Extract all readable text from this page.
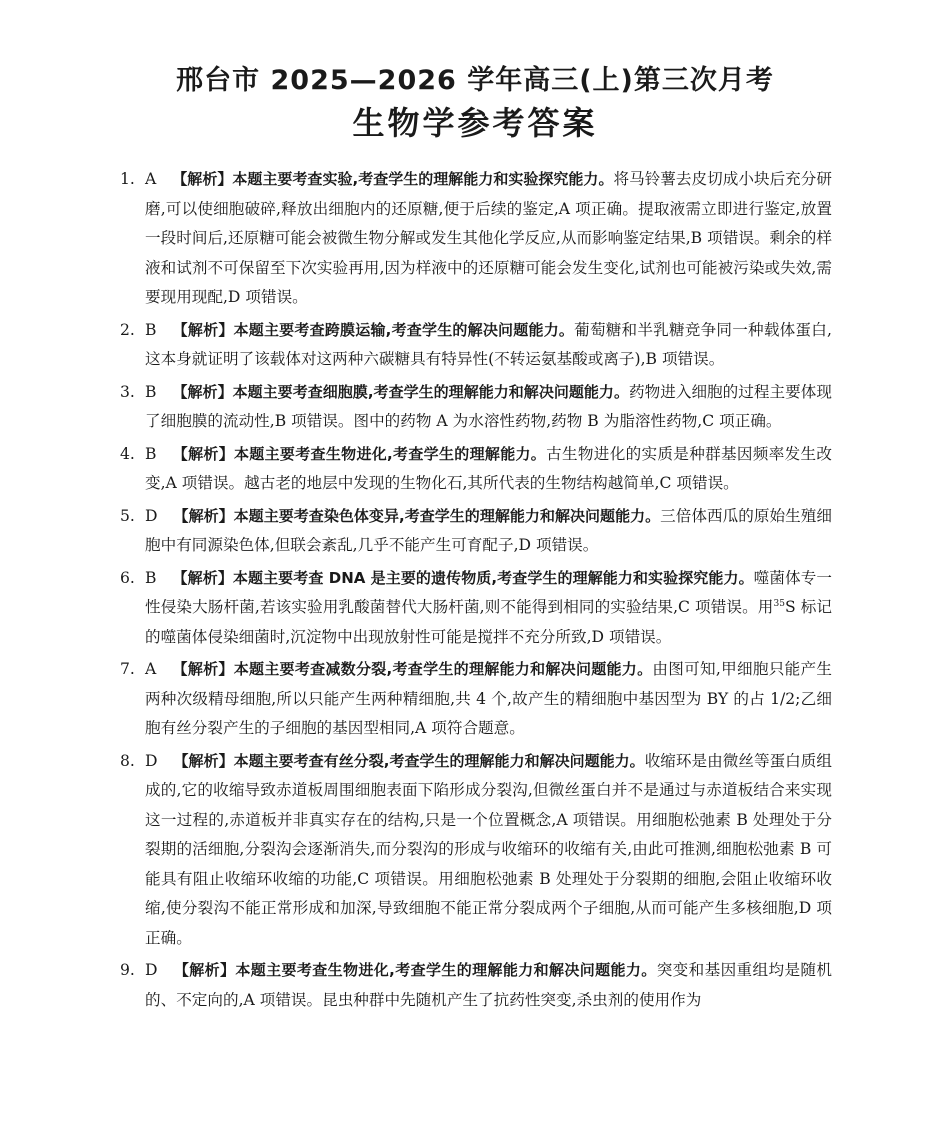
邢台市 2025—2026 学年高三(上)第三次月考
生物学参考答案
1. A 【解析】本题主要考查实验,考查学生的理解能力和实验探究能力。将马铃薯去皮切成小块后充分研磨,可以使细胞破碎,释放出细胞内的还原糖,便于后续的鉴定,A 项正确。提取液需立即进行鉴定,放置一段时间后,还原糖可能会被微生物分解或发生其他化学反应,从而影响鉴定结果,B 项错误。剩余的样液和试剂不可保留至下次实验再用,因为样液中的还原糖可能会发生变化,试剂也可能被污染或失效,需要现用现配,D 项错误。
2. B 【解析】本题主要考查跨膜运输,考查学生的解决问题能力。葡萄糖和半乳糖竞争同一种载体蛋白,这本身就证明了该载体对这两种六碳糖具有特异性(不转运氨基酸或离子),B 项错误。
3. B 【解析】本题主要考查细胞膜,考查学生的理解能力和解决问题能力。药物进入细胞的过程主要体现了细胞膜的流动性,B 项错误。图中的药物 A 为水溶性药物,药物 B 为脂溶性药物,C 项正确。
4. B 【解析】本题主要考查生物进化,考查学生的理解能力。古生物进化的实质是种群基因频率发生改变,A 项错误。越古老的地层中发现的生物化石,其所代表的生物结构越简单,C 项错误。
5. D 【解析】本题主要考查染色体变异,考查学生的理解能力和解决问题能力。三倍体西瓜的原始生殖细胞中有同源染色体,但联会紊乱,几乎不能产生可育配子,D 项错误。
6. B 【解析】本题主要考查 DNA 是主要的遗传物质,考查学生的理解能力和实验探究能力。噬菌体专一性侵染大肠杆菌,若该实验用乳酸菌替代大肠杆菌,则不能得到相同的实验结果,C 项错误。用$^{35}$S 标记的噬菌体侵染细菌时,沉淀物中出现放射性可能是搅拌不充分所致,D 项错误。
7. A 【解析】本题主要考查减数分裂,考查学生的理解能力和解决问题能力。由图可知,甲细胞只能产生两种次级精母细胞,所以只能产生两种精细胞,共 4 个,故产生的精细胞中基因型为 BY 的占 1/2;乙细胞有丝分裂产生的子细胞的基因型相同,A 项符合题意。
8. D 【解析】本题主要考查有丝分裂,考查学生的理解能力和解决问题能力。收缩环是由微丝等蛋白质组成的,它的收缩导致赤道板周围细胞表面下陷形成分裂沟,但微丝蛋白并不是通过与赤道板结合来实现这一过程的,赤道板并非真实存在的结构,只是一个位置概念,A 项错误。用细胞松弛素 B 处理处于分裂期的活细胞,分裂沟会逐渐消失,而分裂沟的形成与收缩环的收缩有关,由此可推测,细胞松弛素 B 可能具有阻止收缩环收缩的功能,C 项错误。用细胞松弛素 B 处理处于分裂期的细胞,会阻止收缩环收缩,使分裂沟不能正常形成和加深,导致细胞不能正常分裂成两个子细胞,从而可能产生多核细胞,D 项正确。
9. D 【解析】本题主要考查生物进化,考查学生的理解能力和解决问题能力。突变和基因重组均是随机的、不定向的,A 项错误。昆虫种群中先随机产生了抗药性突变,杀虫剂的使用作为
